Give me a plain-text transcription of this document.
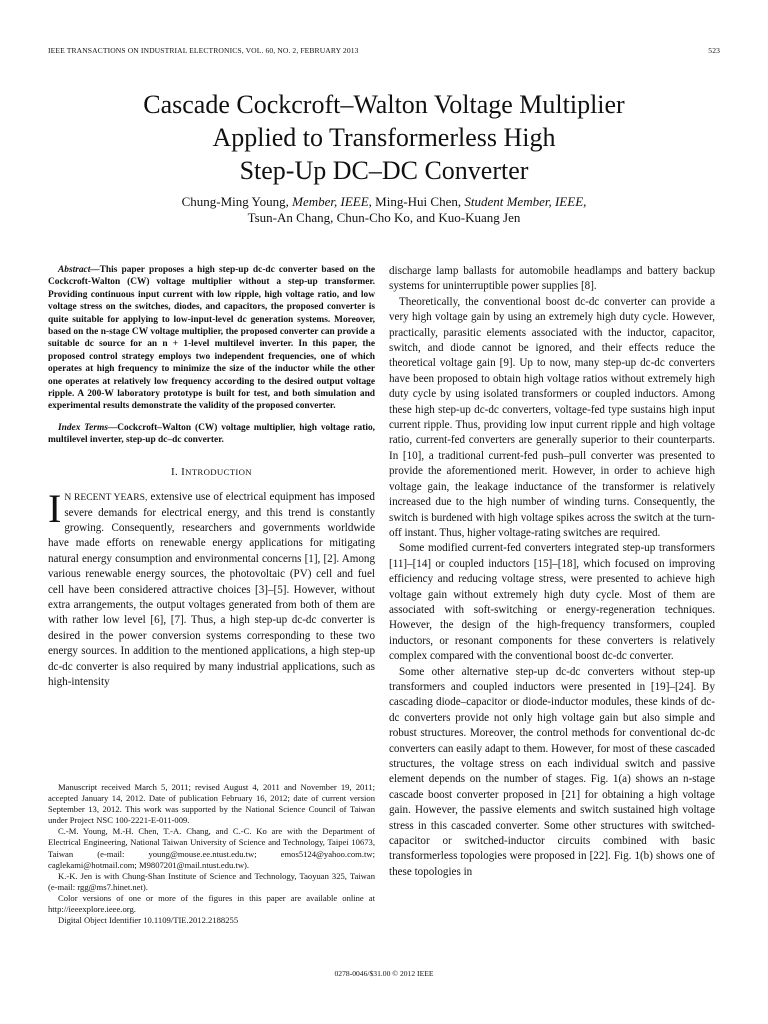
IEEE TRANSACTIONS ON INDUSTRIAL ELECTRONICS, VOL. 60, NO. 2, FEBRUARY 2013	523
Cascade Cockcroft–Walton Voltage Multiplier
Applied to Transformerless High
Step-Up DC–DC Converter
Chung-Ming Young, Member, IEEE, Ming-Hui Chen, Student Member, IEEE,
Tsun-An Chang, Chun-Cho Ko, and Kuo-Kuang Jen

Abstract—This paper proposes a high step-up dc-dc converter based on the Cockcroft-Walton (CW) voltage multiplier without a step-up transformer. Providing continuous input current with low ripple, high voltage ratio, and low voltage stress on the switches, diodes, and capacitors, the proposed converter is quite suitable for applying to low-input-level dc generation systems. Moreover, based on the n-stage CW voltage multiplier, the proposed converter can provide a suitable dc source for an n + 1-level multilevel inverter. In this paper, the proposed control strategy employs two independent frequencies, one of which operates at high frequency to minimize the size of the inductor while the other one operates at relatively low frequency according to the desired output voltage ripple. A 200-W laboratory prototype is built for test, and both simulation and experimental results demonstrate the validity of the proposed converter.

Index Terms—Cockcroft–Walton (CW) voltage multiplier, high voltage ratio, multilevel inverter, step-up dc–dc converter.

I. INTRODUCTION

I N RECENT YEARS, extensive use of electrical equipment has imposed severe demands for electrical energy, and this trend is constantly growing. Consequently, researchers and governments worldwide have made efforts on renewable energy applications for mitigating natural energy consumption and environmental concerns [1], [2]. Among various renewable energy sources, the photovoltaic (PV) cell and fuel cell have been considered attractive choices [3]–[5]. However, without extra arrangements, the output voltages generated from both of them are with rather low level [6], [7]. Thus, a high step-up dc-dc converter is desired in the power conversion systems corresponding to these two energy sources. In addition to the mentioned applications, a high step-up dc-dc converter is also required by many industrial applications, such as high-intensity

Manuscript received March 5, 2011; revised August 4, 2011 and November 19, 2011; accepted January 14, 2012. Date of publication February 16, 2012; date of current version September 13, 2012. This work was supported by the National Science Council of Taiwan under Project NSC 100-2221-E-011-009.

C.-M. Young, M.-H. Chen, T.-A. Chang, and C.-C. Ko are with the Department of Electrical Engineering, National Taiwan University of Science and Technology, Taipei 10673, Taiwan (e-mail: young@mouse.ee.ntust.edu.tw; emos5124@yahoo.com.tw; caglekami@hotmail.com; M9807201@mail.ntust.edu.tw).

K.-K. Jen is with Chung-Shan Institute of Science and Technology, Taoyuan 325, Taiwan (e-mail: rgg@ms7.hinet.net).

Color versions of one or more of the figures in this paper are available online at http://ieeexplore.ieee.org.

Digital Object Identifier 10.1109/TIE.2012.2188255

discharge lamp ballasts for automobile headlamps and battery backup systems for uninterruptible power supplies [8].

Theoretically, the conventional boost dc-dc converter can provide a very high voltage gain by using an extremely high duty cycle. However, practically, parasitic elements associated with the inductor, capacitor, switch, and diode cannot be ignored, and their effects reduce the theoretical voltage gain [9]. Up to now, many step-up dc-dc converters have been proposed to obtain high voltage ratios without extremely high duty cycle by using isolated transformers or coupled inductors. Among these high step-up dc-dc converters, voltage-fed type sustains high input current ripple. Thus, providing low input current ripple and high voltage ratio, current-fed converters are generally superior to their counterparts. In [10], a traditional current-fed push–pull converter was presented to provide the aforementioned merit. However, in order to achieve high voltage gain, the leakage inductance of the transformer is relatively increased due to the high number of winding turns. Consequently, the switch is burdened with high voltage spikes across the switch at the turn-off instant. Thus, higher voltage-rating switches are required.

Some modified current-fed converters integrated step-up transformers [11]–[14] or coupled inductors [15]–[18], which focused on improving efficiency and reducing voltage stress, were presented to achieve high voltage gain without extremely high duty cycle. Most of them are associated with soft-switching or energy-regeneration techniques. However, the design of the high-frequency transformers, coupled inductors, or resonant components for these converters is relatively complex compared with the conventional boost dc-dc converter.

Some other alternative step-up dc-dc converters without step-up transformers and coupled inductors were presented in [19]–[24]. By cascading diode–capacitor or diode-inductor modules, these kinds of dc-dc converters provide not only high voltage gain but also simple and robust structures. Moreover, the control methods for conventional dc-dc converters can easily adapt to them. However, for most of these cascaded structures, the voltage stress on each individual switch and passive element depends on the number of stages. Fig. 1(a) shows an n-stage cascade boost converter proposed in [21] for obtaining a high voltage gain. However, the passive elements and switch sustained high voltage stress in this cascaded converter. Some other structures with switched-capacitor or switched-inductor circuits combined with basic transformerless topologies were proposed in [22]. Fig. 1(b) shows one of these topologies in

0278-0046/$31.00 © 2012 IEEE
